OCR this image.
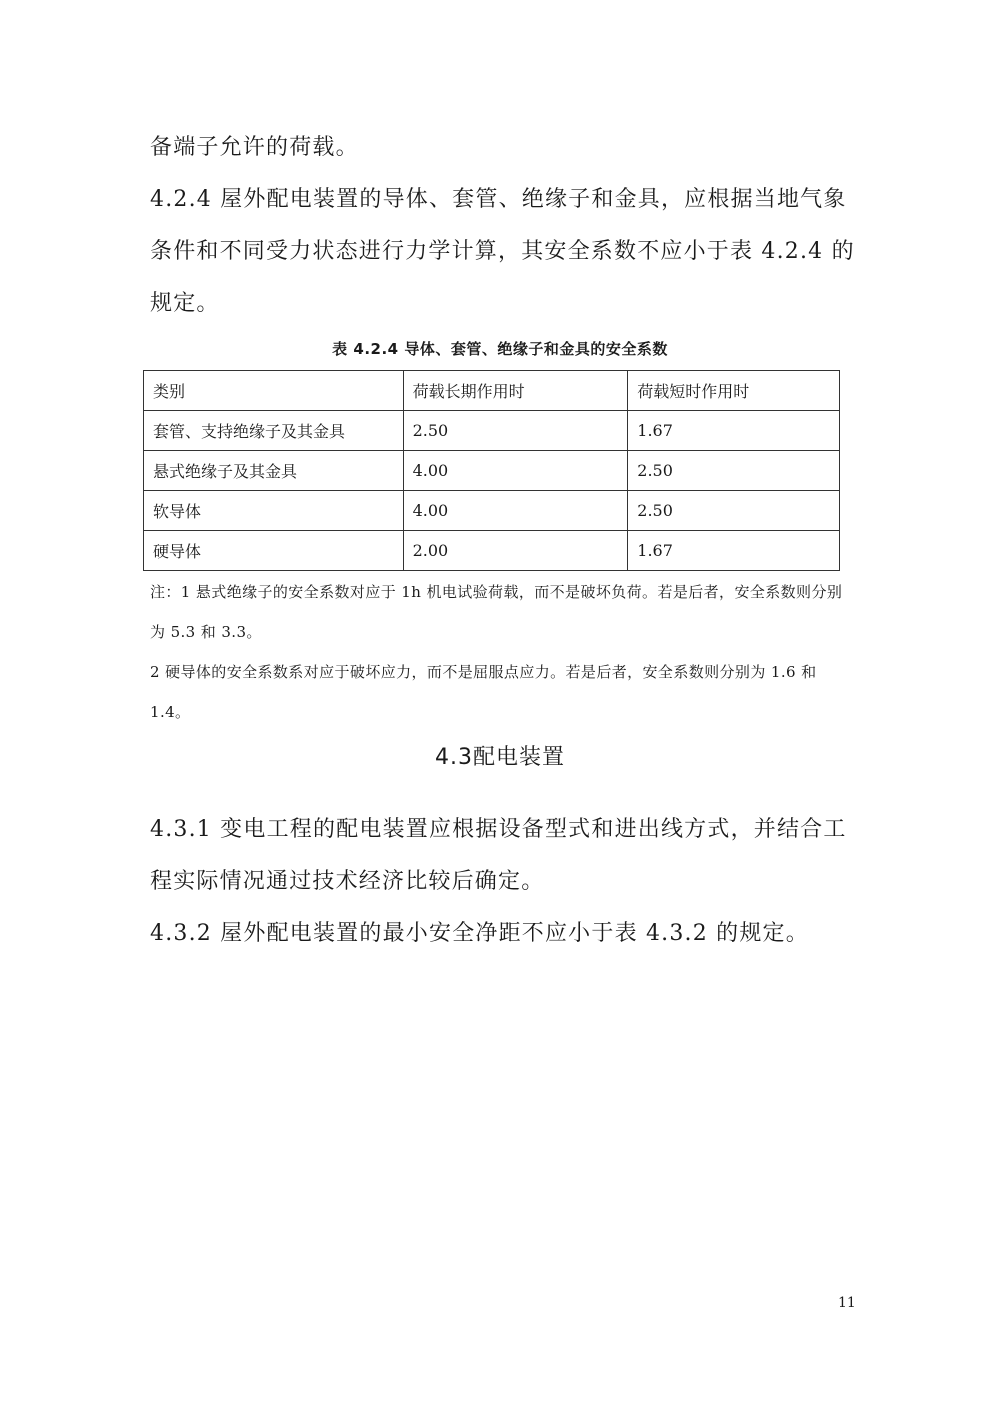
备端子允许的荷载。

4.2.4 屋外配电装置的导体、套管、绝缘子和金具，应根据当地气象条件和不同受力状态进行力学计算，其安全系数不应小于表 4.2.4 的规定。

表 4.2.4 导体、套管、绝缘子和金具的安全系数
类别	荷载长期作用时	荷载短时作用时
套管、支持绝缘子及其金具	2.50	1.67
悬式绝缘子及其金具	4.00	2.50
软导体	4.00	2.50
硬导体	2.00	1.67

注：1 悬式绝缘子的安全系数对应于 1h 机电试验荷载，而不是破坏负荷。若是后者，安全系数则分别为 5.3 和 3.3。

2 硬导体的安全系数系对应于破坏应力，而不是屈服点应力。若是后者，安全系数则分别为 1.6 和 1.4。

4.3配电装置

4.3.1 变电工程的配电装置应根据设备型式和进出线方式，并结合工程实际情况通过技术经济比较后确定。

4.3.2 屋外配电装置的最小安全净距不应小于表 4.3.2 的规定。

11
